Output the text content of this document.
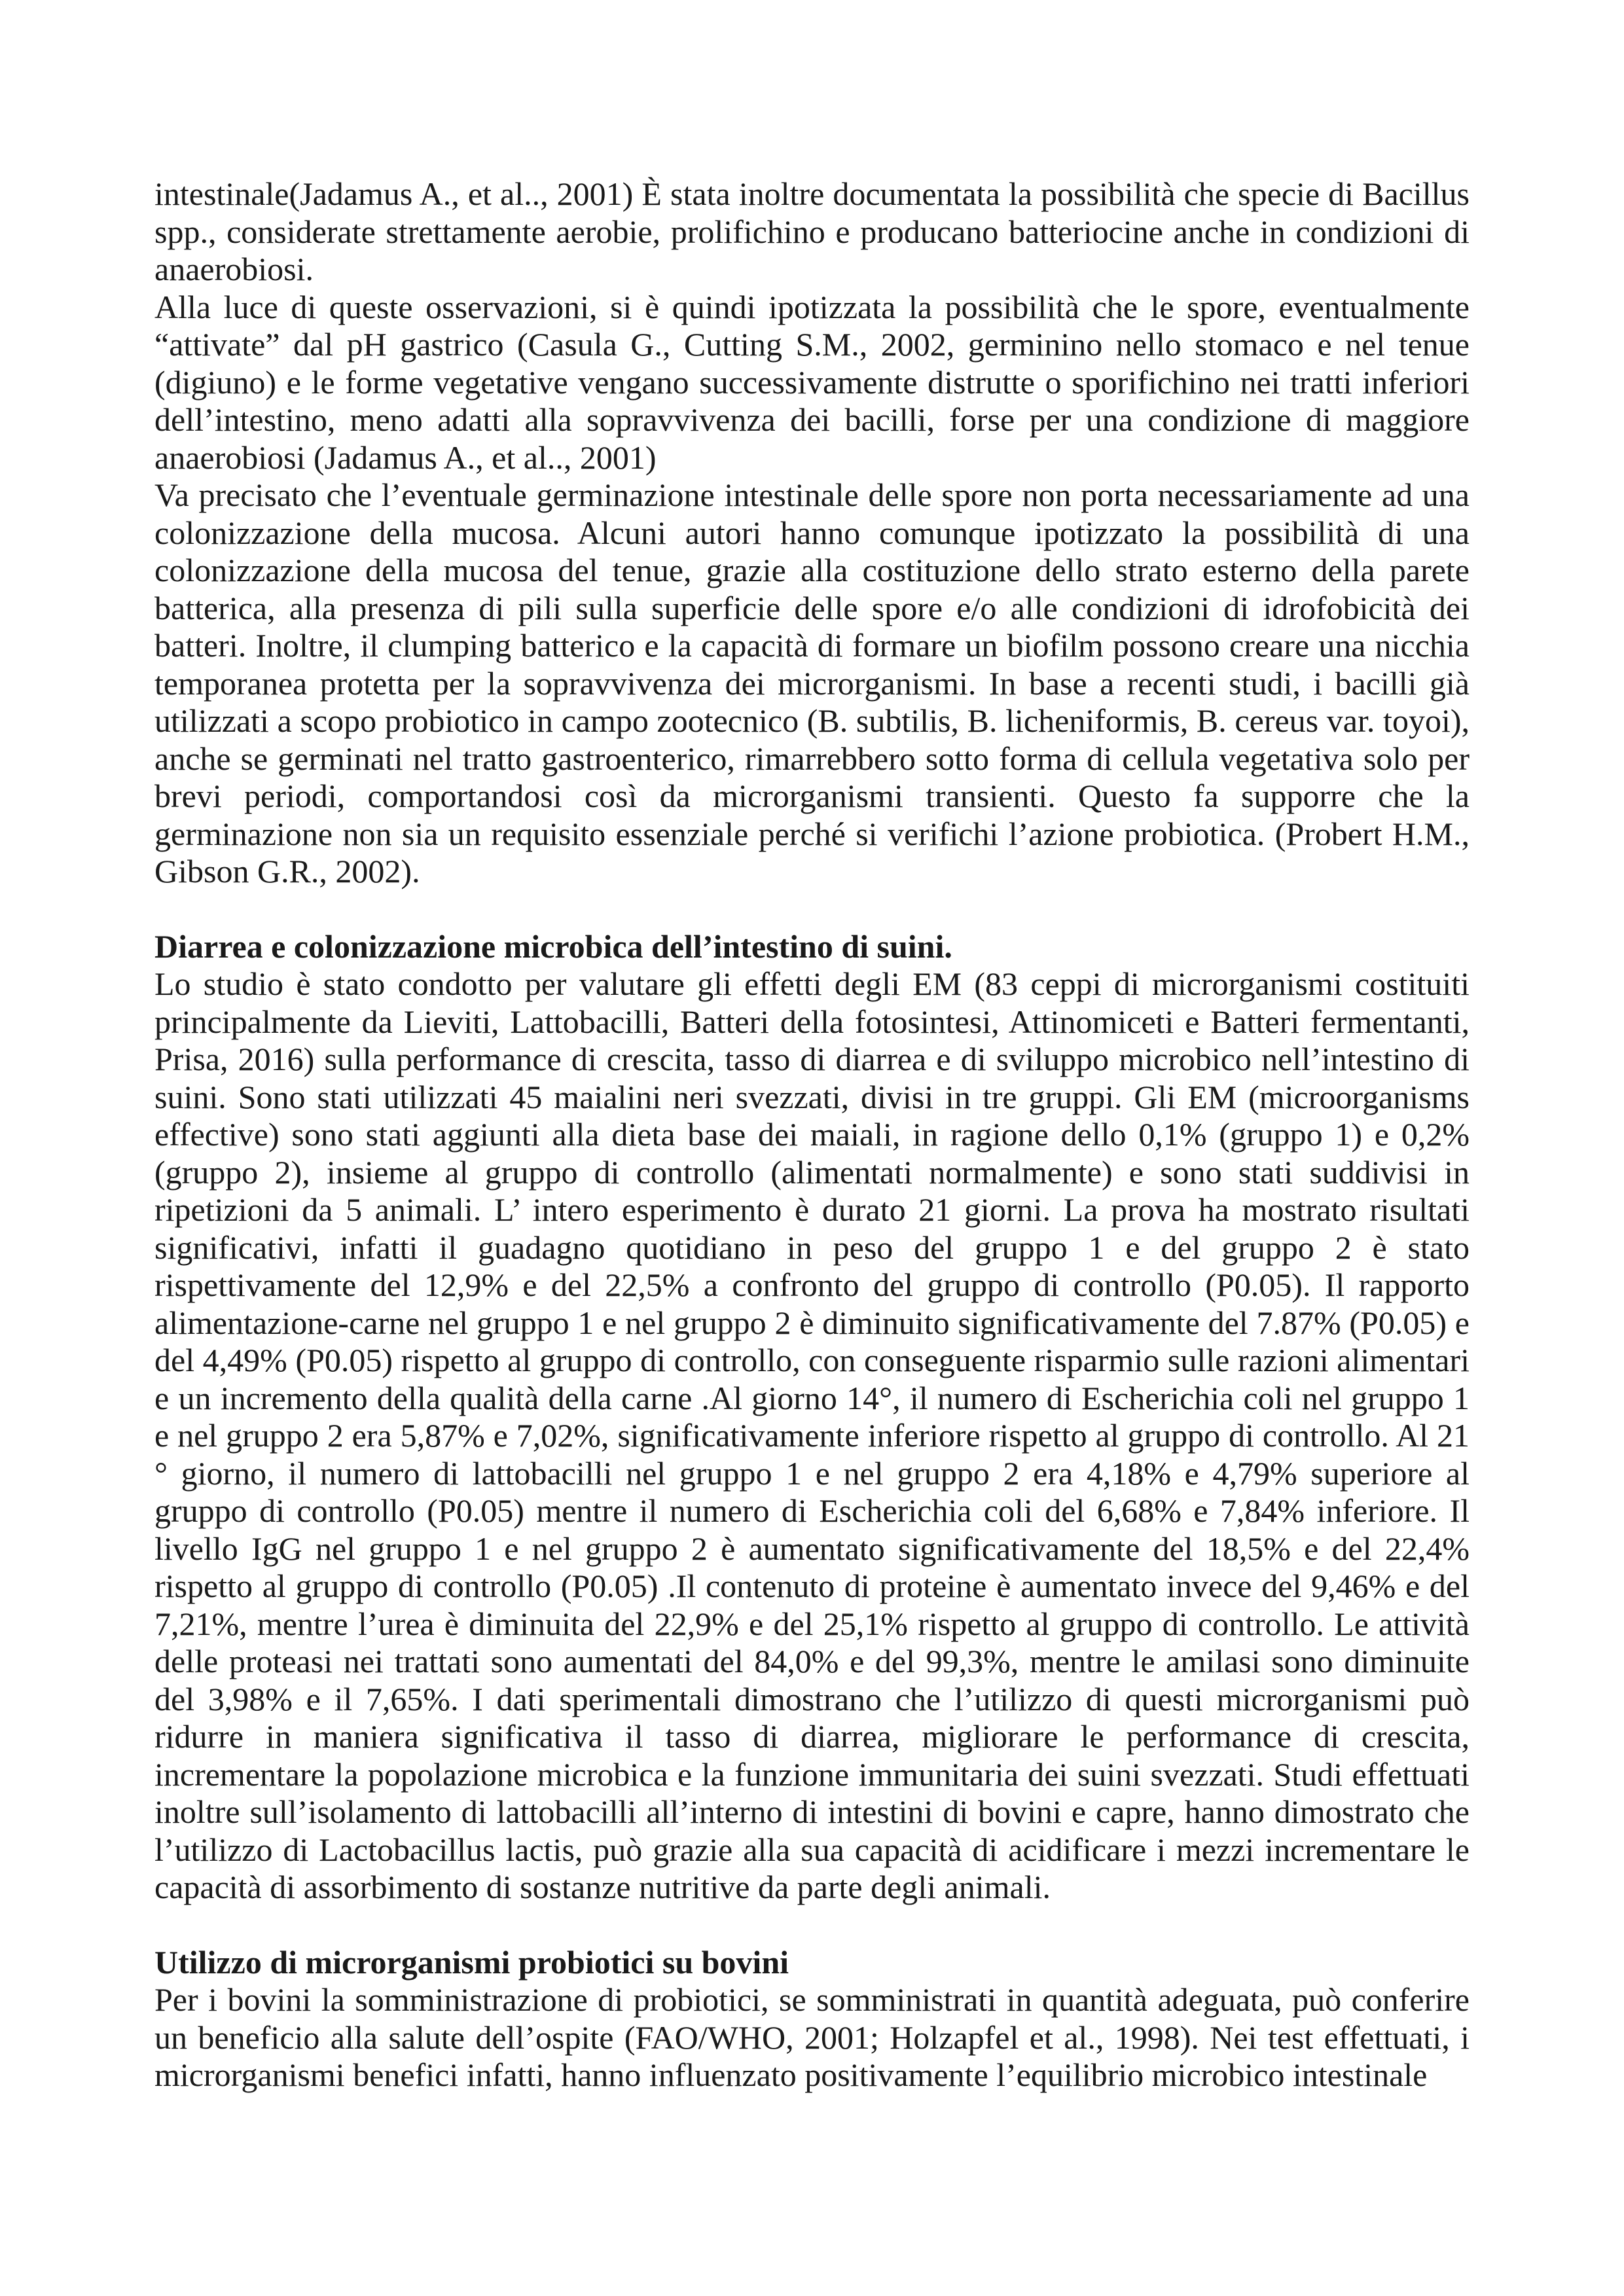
intestinale(Jadamus A., et al.., 2001) È stata inoltre documentata la possibilità che specie di Bacillus spp., considerate strettamente aerobie, prolifichino e producano batteriocine anche in condizioni di anaerobiosi.

Alla luce di queste osservazioni, si è quindi ipotizzata la possibilità che le spore, eventualmente “attivate” dal pH gastrico (Casula G., Cutting S.M., 2002, germinino nello stomaco e nel tenue (digiuno) e le forme vegetative vengano successivamente distrutte o sporifichino nei tratti inferiori dell’intestino, meno adatti alla sopravvivenza dei bacilli, forse per una condizione di maggiore anaerobiosi (Jadamus A., et al.., 2001)

Va precisato che l’eventuale germinazione intestinale delle spore non porta necessariamente ad una colonizzazione della mucosa. Alcuni autori hanno comunque ipotizzato la possibilità di una colonizzazione della mucosa del tenue, grazie alla costituzione dello strato esterno della parete batterica, alla presenza di pili sulla superficie delle spore e/o alle condizioni di idrofobicità dei batteri. Inoltre, il clumping batterico e la capacità di formare un biofilm possono creare una nicchia temporanea protetta per la sopravvivenza dei microrganismi. In base a recenti studi, i bacilli già utilizzati a scopo probiotico in campo zootecnico (B. subtilis, B. licheniformis, B. cereus var. toyoi), anche se germinati nel tratto gastroenterico, rimarrebbero sotto forma di cellula vegetativa solo per brevi periodi, comportandosi così da microrganismi transienti. Questo fa supporre che la germinazione non sia un requisito essenziale perché si verifichi l’azione probiotica. (Probert H.M., Gibson G.R., 2002).

Diarrea e colonizzazione microbica dell’intestino di suini.

Lo studio è stato condotto per valutare gli effetti degli EM (83 ceppi di microrganismi costituiti principalmente da Lieviti, Lattobacilli, Batteri della fotosintesi, Attinomiceti e Batteri fermentanti, Prisa, 2016) sulla performance di crescita, tasso di diarrea e di sviluppo microbico nell’intestino di suini. Sono stati utilizzati 45 maialini neri svezzati, divisi in tre gruppi. Gli EM (microorganisms effective) sono stati aggiunti alla dieta base dei maiali, in ragione dello 0,1% (gruppo 1) e 0,2% (gruppo 2), insieme al gruppo di controllo (alimentati normalmente) e sono stati suddivisi in ripetizioni da 5 animali. L’ intero esperimento è durato 21 giorni. La prova ha mostrato risultati significativi, infatti il guadagno quotidiano in peso del gruppo 1 e del gruppo 2 è stato rispettivamente del 12,9% e del 22,5% a confronto del gruppo di controllo (P0.05). Il rapporto alimentazione-carne nel gruppo 1 e nel gruppo 2 è diminuito significativamente del 7.87% (P0.05) e del 4,49% (P0.05) rispetto al gruppo di controllo, con conseguente risparmio sulle razioni alimentari e un incremento della qualità della carne .Al giorno 14°, il numero di Escherichia coli nel gruppo 1 e nel gruppo 2 era 5,87% e 7,02%, significativamente inferiore rispetto al gruppo di controllo. Al 21 ° giorno, il numero di lattobacilli nel gruppo 1 e nel gruppo 2 era 4,18% e 4,79% superiore al gruppo di controllo (P0.05) mentre il numero di Escherichia coli del 6,68% e 7,84% inferiore. Il livello IgG nel gruppo 1 e nel gruppo 2 è aumentato significativamente del 18,5% e del 22,4% rispetto al gruppo di controllo (P0.05) .Il contenuto di proteine è aumentato invece del 9,46% e del 7,21%, mentre l’urea è diminuita del 22,9% e del 25,1% rispetto al gruppo di controllo. Le attività delle proteasi nei trattati sono aumentati del 84,0% e del 99,3%, mentre le amilasi sono diminuite del 3,98% e il 7,65%. I dati sperimentali dimostrano che l’utilizzo di questi microrganismi può ridurre in maniera significativa il tasso di diarrea, migliorare le performance di crescita, incrementare la popolazione microbica e la funzione immunitaria dei suini svezzati. Studi effettuati inoltre sull’isolamento di lattobacilli all’interno di intestini di bovini e capre, hanno dimostrato che l’utilizzo di Lactobacillus lactis, può grazie alla sua capacità di acidificare i mezzi incrementare le capacità di assorbimento di sostanze nutritive da parte degli animali.

Utilizzo di microrganismi probiotici su bovini

Per i bovini la somministrazione di probiotici, se somministrati in quantità adeguata, può conferire un beneficio alla salute dell’ospite (FAO/WHO, 2001; Holzapfel et al., 1998). Nei test effettuati, i microrganismi benefici infatti, hanno influenzato positivamente l’equilibrio microbico intestinale
